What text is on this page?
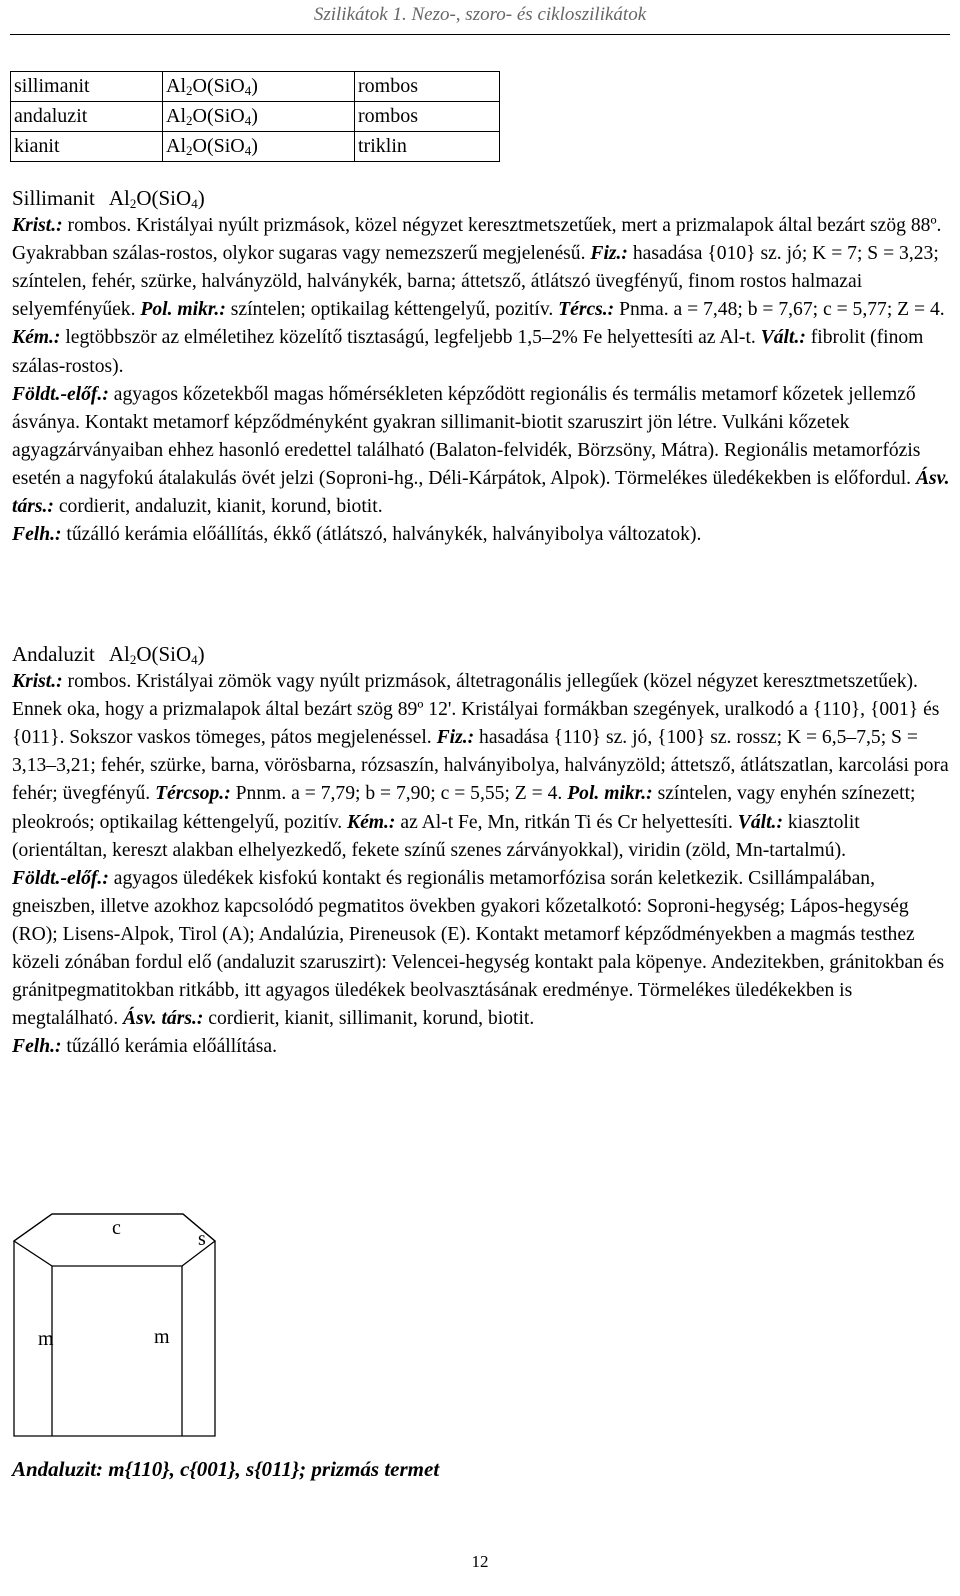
Szilikátok 1. Nezo-, szoro- és cikloszilikátok
sillimanit	$Al_2O(SiO_4)$	rombos
andaluzit	$Al_2O(SiO_4)$	rombos
kianit	$Al_2O(SiO_4)$	triklin
Sillimanit $Al_2O(SiO_4)$
Krist.: rombos. Kristályai nyúlt prizmások, közel négyzet keresztmetszetűek, mert a prizmalapok által bezárt szög 88º. Gyakrabban szálas-rostos, olykor sugaras vagy nemezszerű megjelenésű. Fiz.: hasadása {010} sz. jó; K = 7; S = 3,23; színtelen, fehér, szürke, halványzöld, halványkék, barna; áttetsző, átlátszó üvegfényű, finom rostos halmazai selyemfényűek. Pol. mikr.: színtelen; optikailag kéttengelyű, pozitív. Tércs.: Pnma. a = 7,48; b = 7,67; c = 5,77; Z = 4. Kém.: legtöbbször az elméletihez közelítő tisztaságú, legfeljebb 1,5–2% Fe helyettesíti az Al-t. Vált.: fibrolit (finom szálas-rostos).
Földt.-előf.: agyagos kőzetekből magas hőmérsékleten képződött regionális és termális metamorf kőzetek jellemző ásványa. Kontakt metamorf képződményként gyakran sillimanit-biotit szaruszirt jön létre. Vulkáni kőzetek agyagzárványaiban ehhez hasonló eredettel található (Balaton-felvidék, Börzsöny, Mátra). Regionális metamorfózis esetén a nagyfokú átalakulás övét jelzi (Soproni-hg., Déli-Kárpátok, Alpok). Törmelékes üledékekben is előfordul. Ásv. társ.: cordierit, andaluzit, kianit, korund, biotit.
Felh.: tűzálló kerámia előállítás, ékkő (átlátszó, halványkék, halványibolya változatok).
Andaluzit $Al_2O(SiO_4)$
Krist.: rombos. Kristályai zömök vagy nyúlt prizmások, áltetragonális jellegűek (közel négyzet keresztmetszetűek). Ennek oka, hogy a prizmalapok által bezárt szög 89º 12'. Kristályai formákban szegények, uralkodó a {110}, {001} és {011}. Sokszor vaskos tömeges, pátos megjelenéssel. Fiz.: hasadása {110} sz. jó, {100} sz. rossz; K = 6,5–7,5; S = 3,13–3,21; fehér, szürke, barna, vörösbarna, rózsaszín, halványibolya, halványzöld; áttetsző, átlátszatlan, karcolási pora fehér; üvegfényű. Tércsop.: Pnnm. a = 7,79; b = 7,90; c = 5,55; Z = 4. Pol. mikr.: színtelen, vagy enyhén színezett; pleokroós; optikailag kéttengelyű, pozitív. Kém.: az Al-t Fe, Mn, ritkán Ti és Cr helyettesíti. Vált.: kiasztolit (orientáltan, kereszt alakban elhelyezkedő, fekete színű szenes zárványokkal), viridin (zöld, Mn-tartalmú).
Földt.-előf.: agyagos üledékek kisfokú kontakt és regionális metamorfózisa során keletkezik. Csillámpalában, gneiszben, illetve azokhoz kapcsolódó pegmatitos övekben gyakori kőzetalkotó: Soproni-hegység; Lápos-hegység (RO); Lisens-Alpok, Tirol (A); Andalúzia, Pireneusok (E). Kontakt metamorf képződményekben a magmás testhez közeli zónában fordul elő (andaluzit szaruszirt): Velencei-hegység kontakt pala köpenye. Andezitekben, gránitokban és gránitpegmatitokban ritkább, itt agyagos üledékek beolvasztásának eredménye. Törmelékes üledékekben is megtalálható. Ásv. társ.: cordierit, kianit, sillimanit, korund, biotit.
Felh.: tűzálló kerámia előállítása.
c	s
m	m
Andaluzit: m{110}, c{001}, s{011}; prizmás termet
12
